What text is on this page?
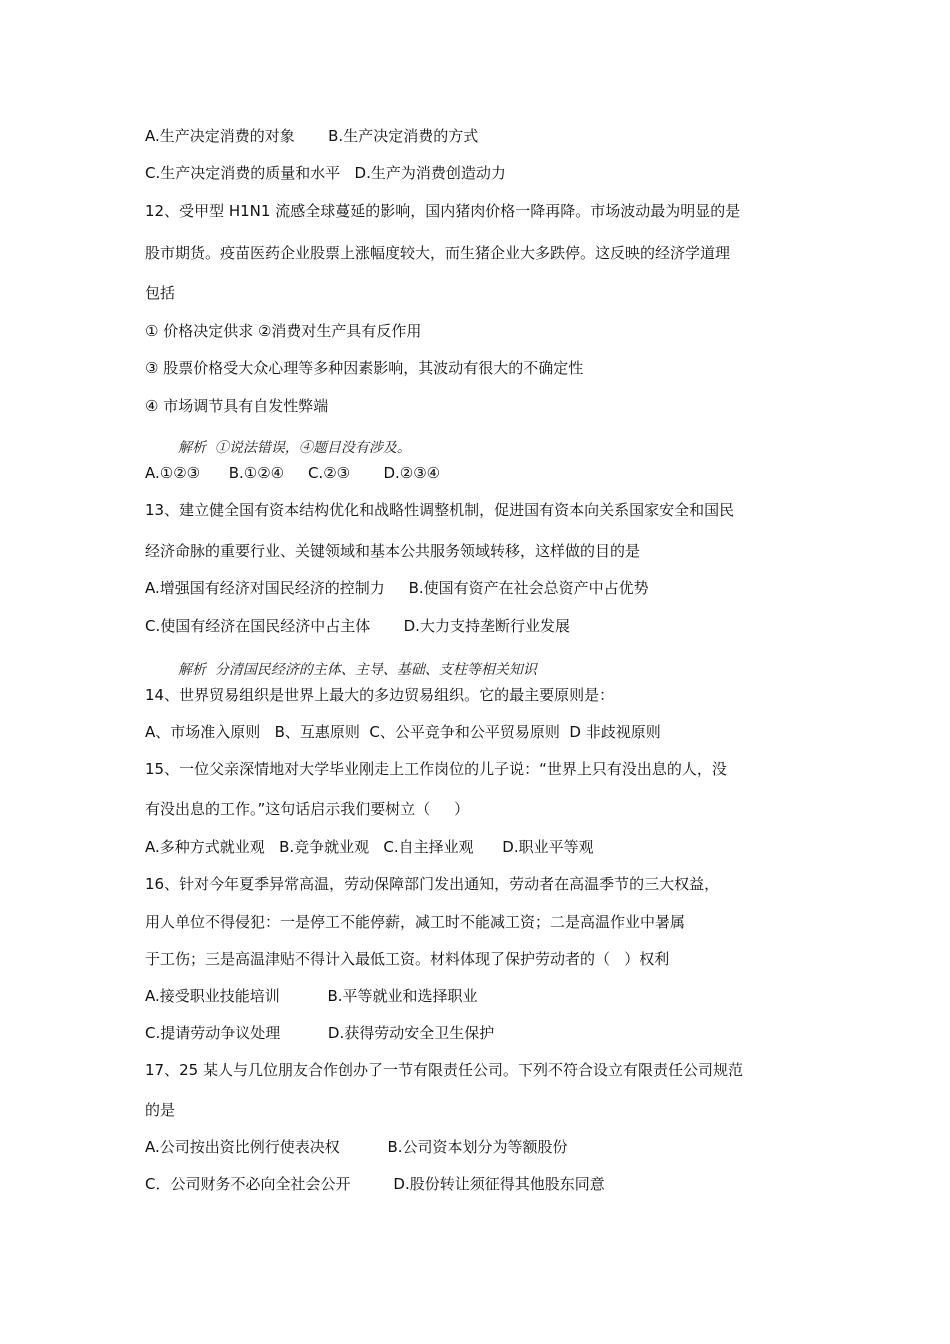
A.生产决定消费的对象       B.生产决定消费的方式
C.生产决定消费的质量和水平   D.生产为消费创造动力
12、受甲型 H1N1 流感全球蔓延的影响，国内猪肉价格一降再降。市场波动最为明显的是
股市期货。疫苗医药企业股票上涨幅度较大，而生猪企业大多跌停。这反映的经济学道理
包括
① 价格决定供求 ②消费对生产具有反作用
③ 股票价格受大众心理等多种因素影响，其波动有很大的不确定性
④ 市场调节具有自发性弊端
解析  ①说法错误，④题目没有涉及。
A.①②③      B.①②④     C.②③       D.②③④
13、建立健全国有资本结构优化和战略性调整机制，促进国有资本向关系国家安全和国民
经济命脉的重要行业、关键领域和基本公共服务领域转移，这样做的目的是
A.增强国有经济对国民经济的控制力     B.使国有资产在社会总资产中占优势
C.使国有经济在国民经济中占主体       D.大力支持垄断行业发展
解析  分清国民经济的主体、主导、基础、支柱等相关知识
14、世界贸易组织是世界上最大的多边贸易组织。它的最主要原则是：
A、市场准入原则   B、互惠原则  C、公平竞争和公平贸易原则  D 非歧视原则
15、一位父亲深情地对大学毕业刚走上工作岗位的儿子说：“世界上只有没出息的人，没
有没出息的工作。”这句话启示我们要树立（     ）
A.多种方式就业观   B.竞争就业观   C.自主择业观      D.职业平等观
16、针对今年夏季异常高温，劳动保障部门发出通知，劳动者在高温季节的三大权益，
用人单位不得侵犯：一是停工不能停薪，减工时不能减工资；二是高温作业中暑属
于工伤；三是高温津贴不得计入最低工资。材料体现了保护劳动者的（   ）权利
A.接受职业技能培训          B.平等就业和选择职业
C.提请劳动争议处理          D.获得劳动安全卫生保护
17、25 某人与几位朋友合作创办了一节有限责任公司。下列不符合设立有限责任公司规范
的是
A.公司按出资比例行使表决权          B.公司资本划分为等额股份
C．公司财务不必向全社会公开         D.股份转让须征得其他股东同意
